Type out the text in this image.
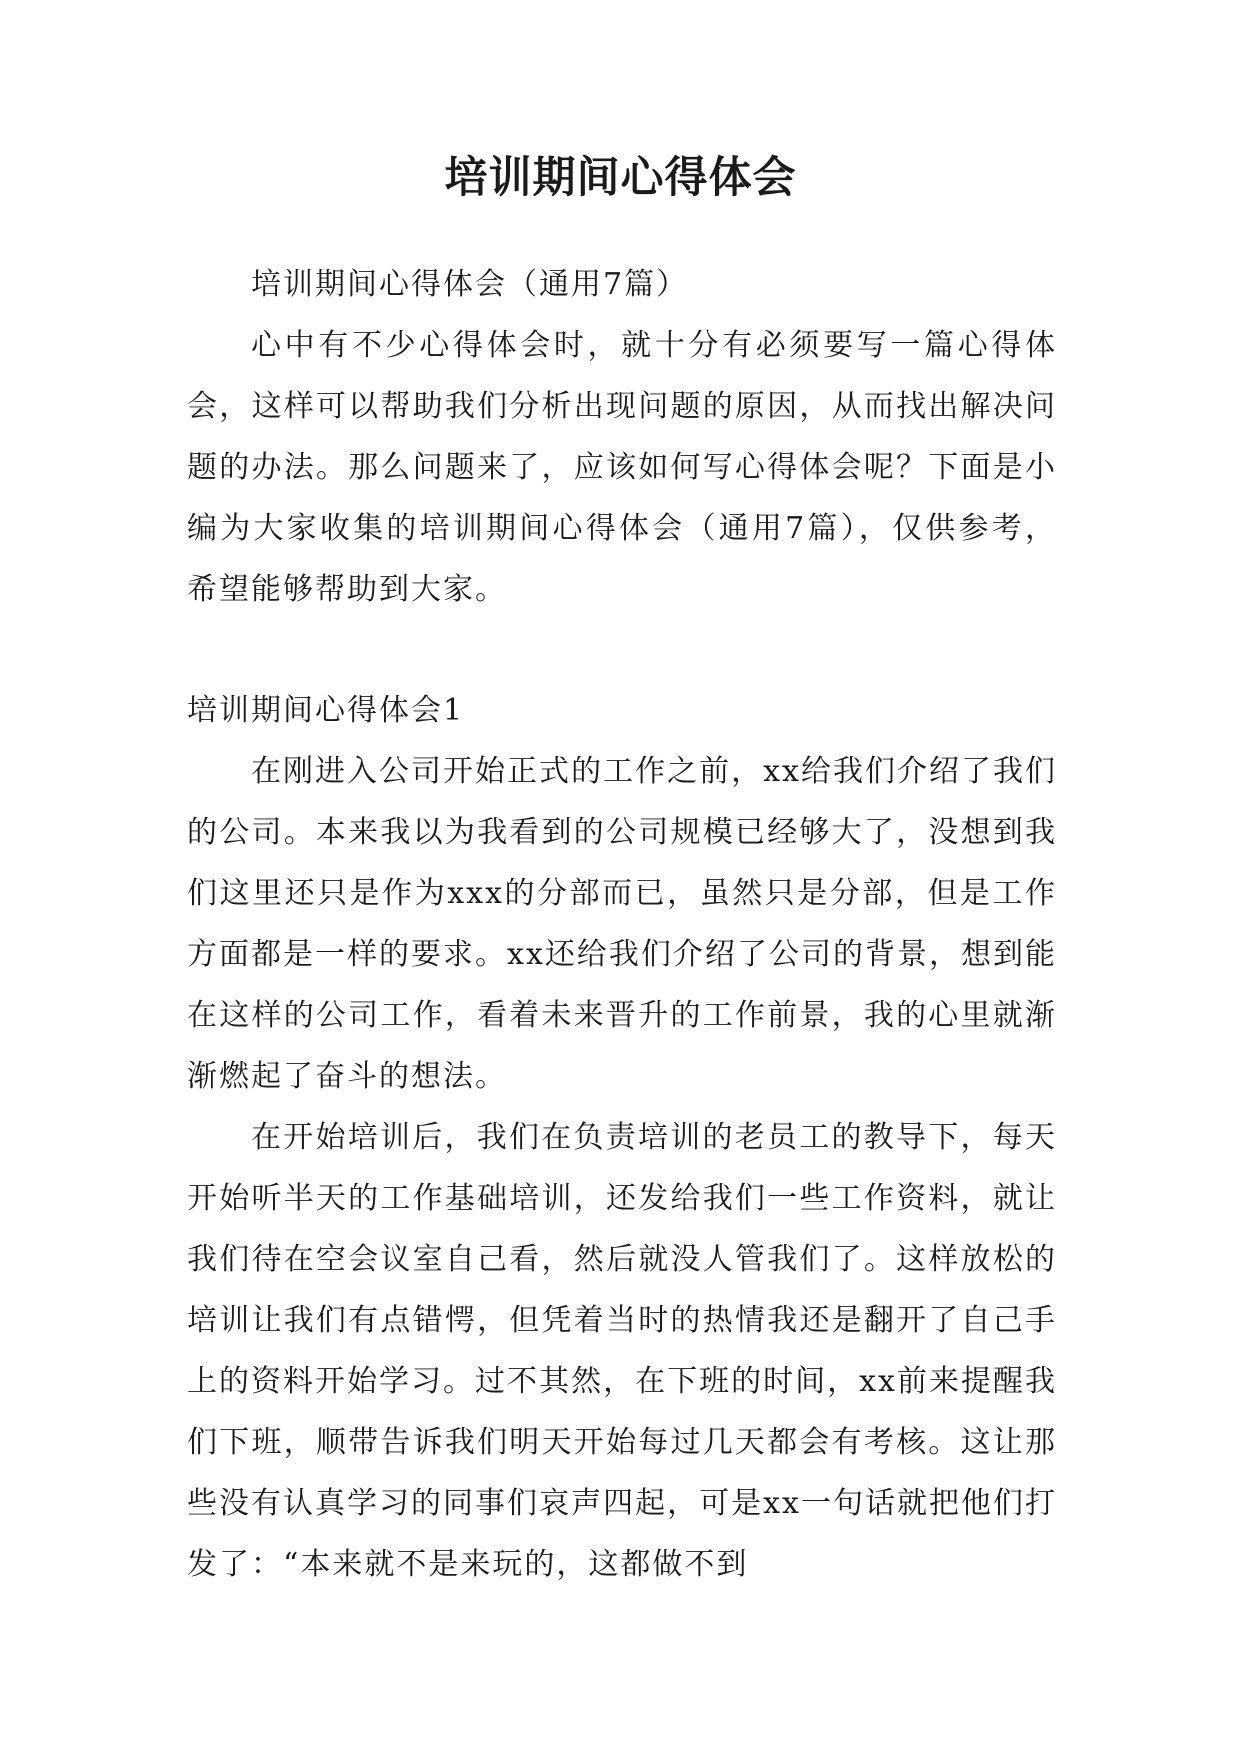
培训期间心得体会

培训期间心得体会（通用7篇）

心中有不少心得体会时，就十分有必须要写一篇心得体会，这样可以帮助我们分析出现问题的原因，从而找出解决问题的办法。那么问题来了，应该如何写心得体会呢？下面是小编为大家收集的培训期间心得体会（通用7篇），仅供参考，希望能够帮助到大家。

培训期间心得体会1

在刚进入公司开始正式的工作之前，xx给我们介绍了我们的公司。本来我以为我看到的公司规模已经够大了，没想到我们这里还只是作为xxx的分部而已，虽然只是分部，但是工作方面都是一样的要求。xx还给我们介绍了公司的背景，想到能在这样的公司工作，看着未来晋升的工作前景，我的心里就渐渐燃起了奋斗的想法。

在开始培训后，我们在负责培训的老员工的教导下，每天开始听半天的工作基础培训，还发给我们一些工作资料，就让我们待在空会议室自己看，然后就没人管我们了。这样放松的培训让我们有点错愕，但凭着当时的热情我还是翻开了自己手上的资料开始学习。过不其然，在下班的时间，xx前来提醒我们下班，顺带告诉我们明天开始每过几天都会有考核。这让那些没有认真学习的同事们哀声四起，可是xx一句话就把他们打发了：“本来就不是来玩的，这都做不到
